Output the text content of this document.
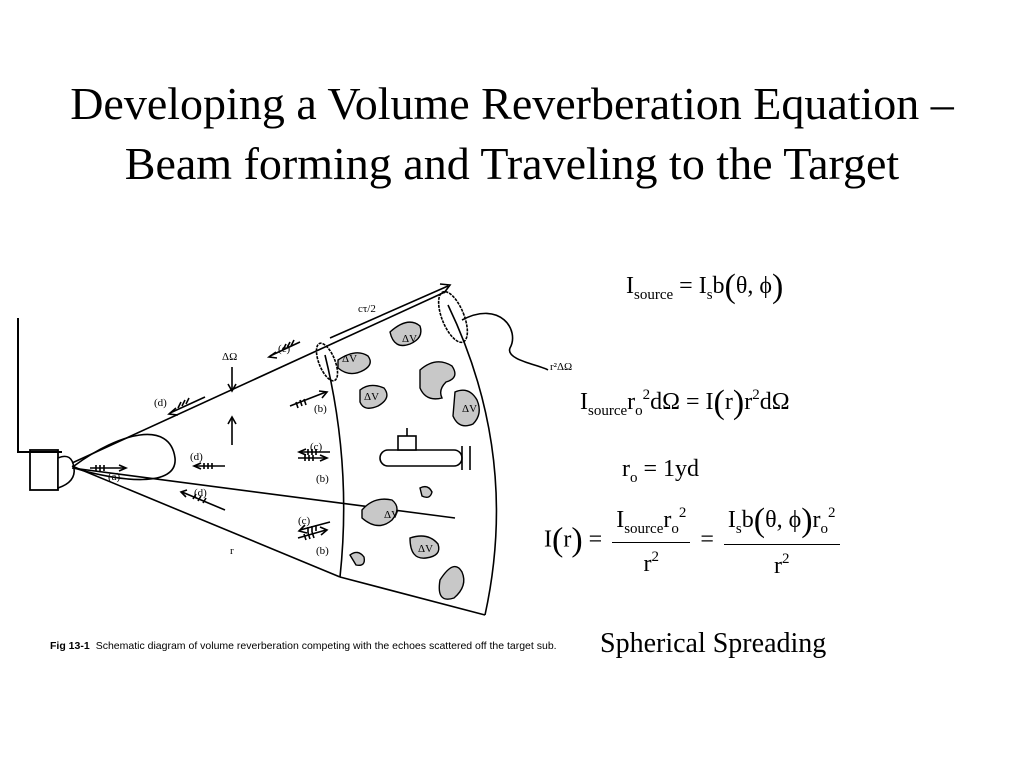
Developing a Volume Reverberation Equation –
Beam forming and Traveling to the Target
cτ/2
r²ΔΩ
ΔΩ	ΔV
ΔV
ΔV
ΔV
ΔV
ΔV
r
(a)
(b)
(b)
(b)
(c)
(c)
(c)
(d)
(d)
(d)
Fig 13-1 Schematic diagram of volume reverberation competing with the echoes scattered off the target sub.
$I_{source} = I_sb(\theta$, ϕ)
$I_{source}r_o^2d\Omega = I(r)r^2d\Omega$
$r_o = 1yd$
$I(r) = \frac{I_{source}r_o^2}{r^2} = \frac{I_sb(\theta, \phi)r_o^2}{r^2}$
Spherical Spreading
